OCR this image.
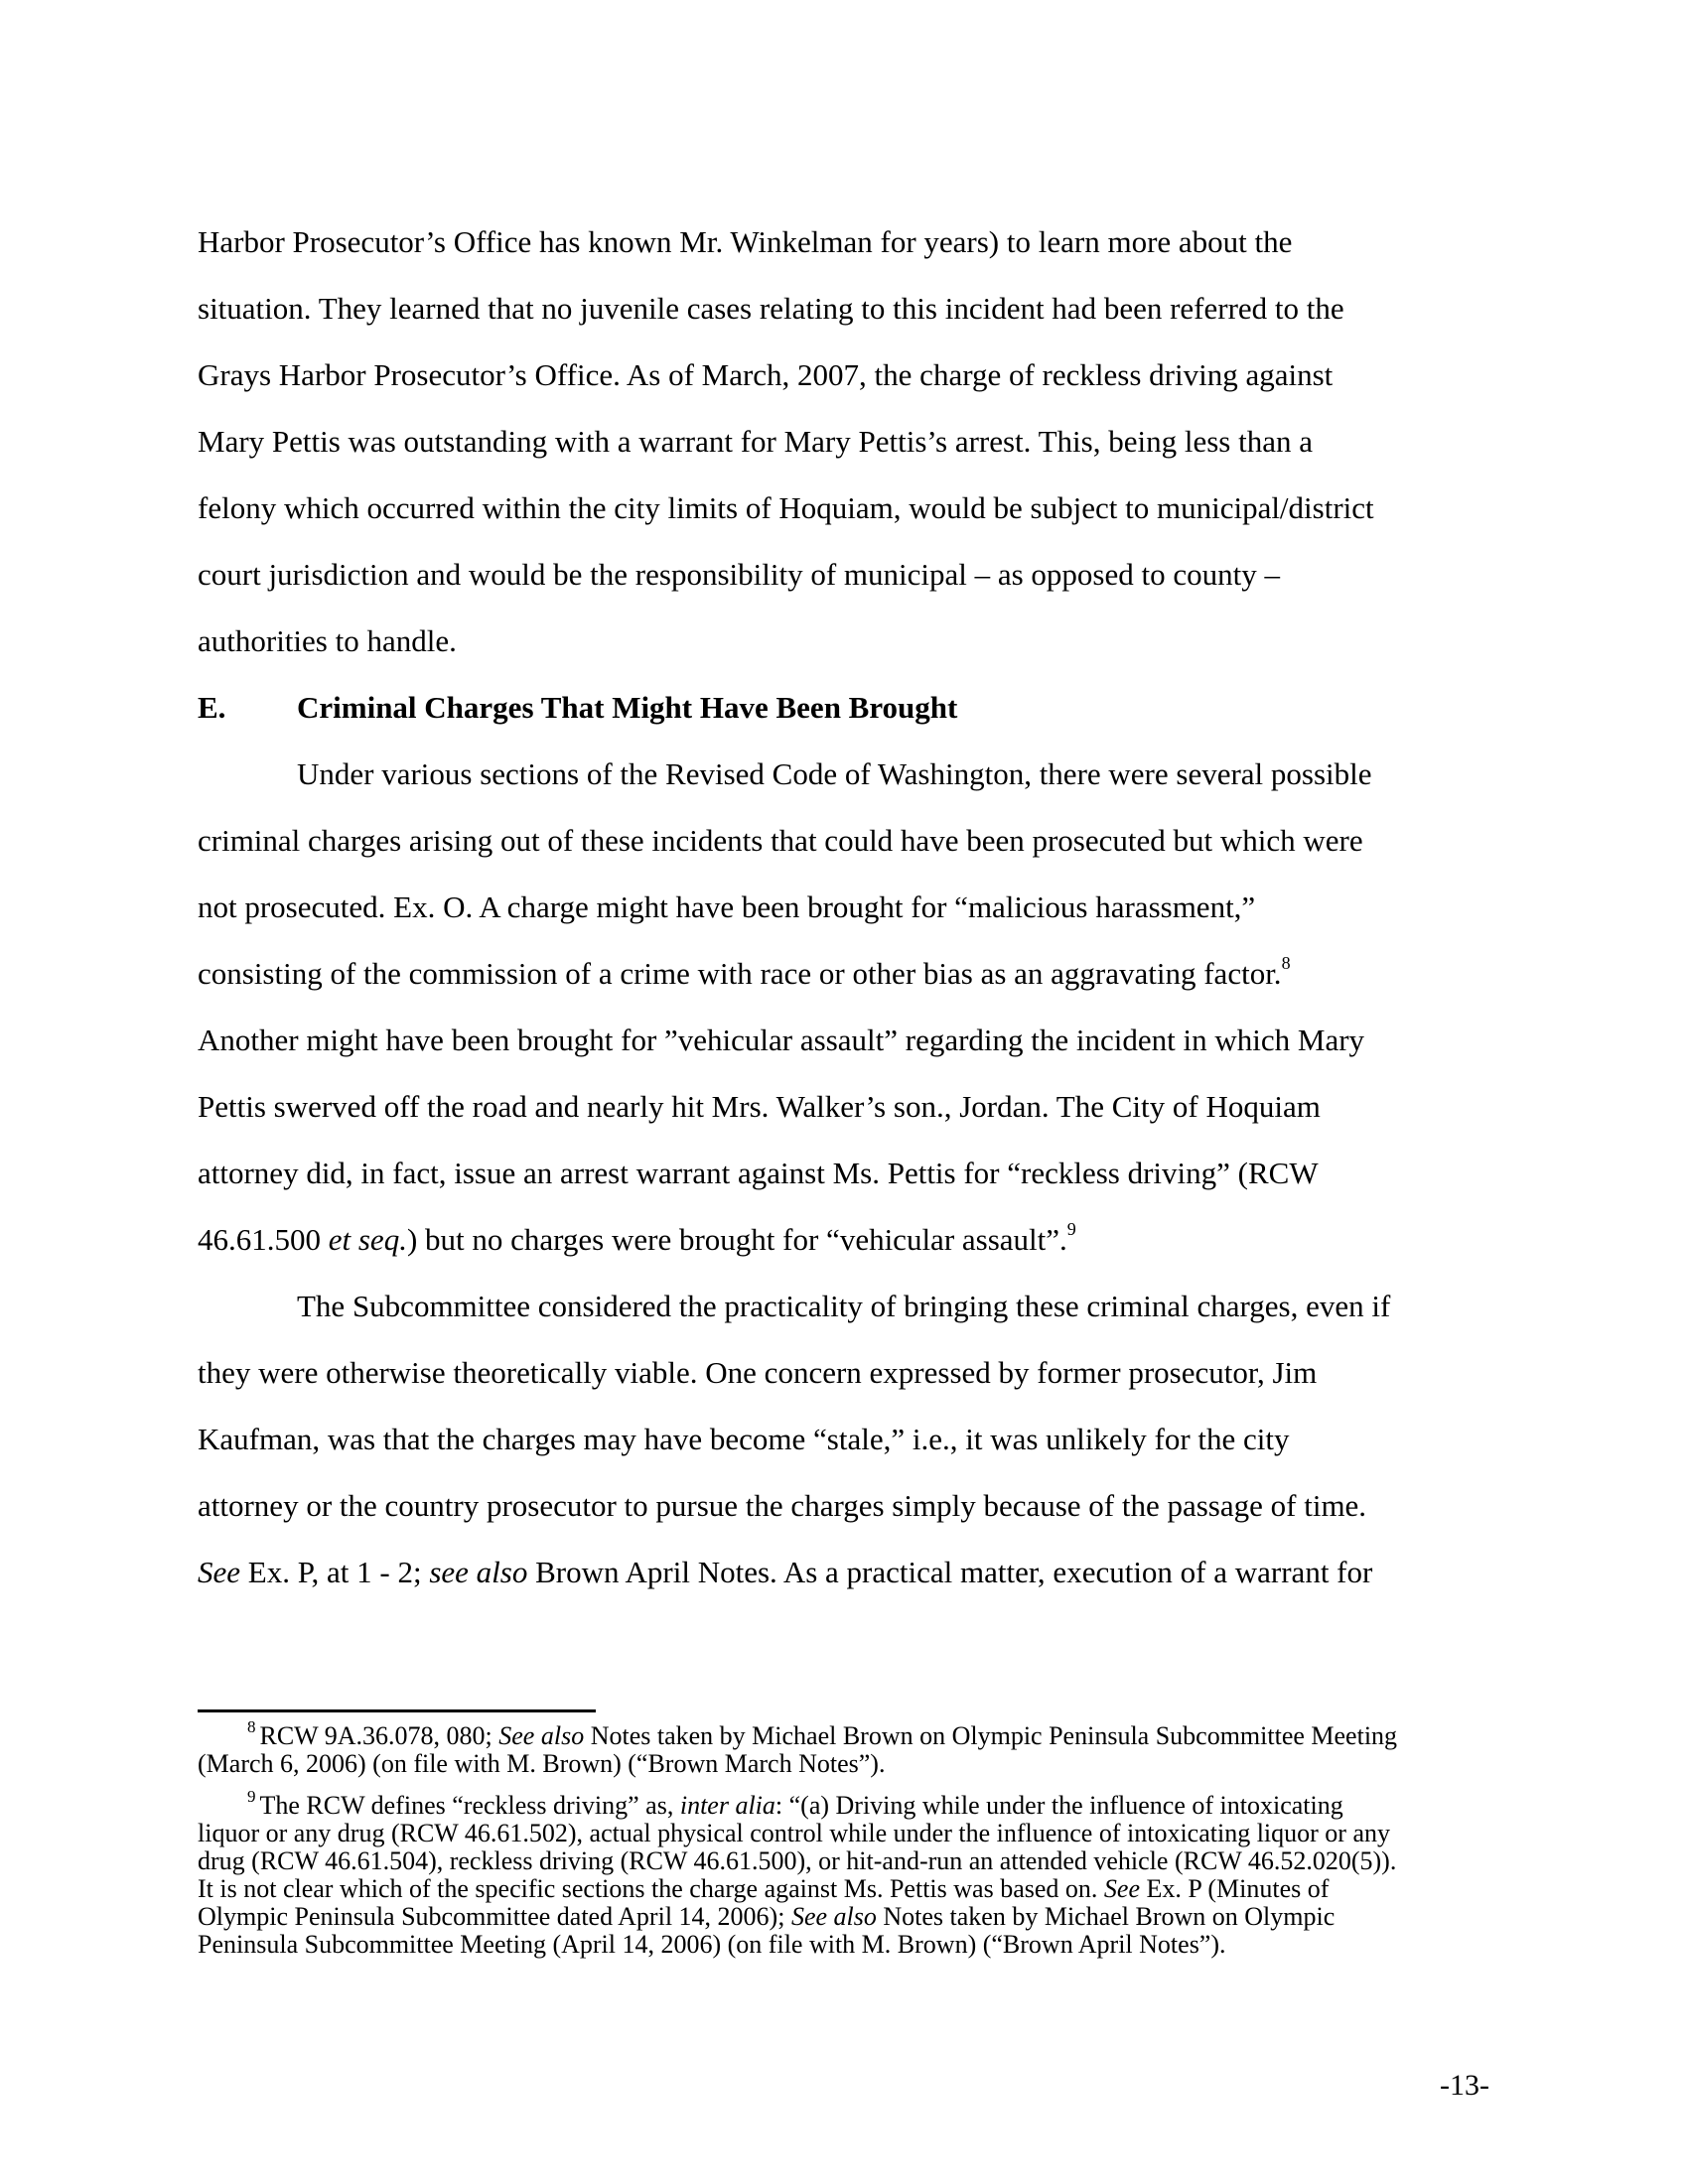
Harbor Prosecutor’s Office has known Mr. Winkelman for years) to learn more about the
situation. They learned that no juvenile cases relating to this incident had been referred to the
Grays Harbor Prosecutor’s Office. As of March, 2007, the charge of reckless driving against
Mary Pettis was outstanding with a warrant for Mary Pettis’s arrest. This, being less than a
felony which occurred within the city limits of Hoquiam, would be subject to municipal/district
court jurisdiction and would be the responsibility of municipal – as opposed to county –
authorities to handle.
E. Criminal Charges That Might Have Been Brought
Under various sections of the Revised Code of Washington, there were several possible
criminal charges arising out of these incidents that could have been prosecuted but which were
not prosecuted. Ex. O. A charge might have been brought for “malicious harassment,”
consisting of the commission of a crime with race or other bias as an aggravating factor.$^8$
Another might have been brought for ”vehicular assault” regarding the incident in which Mary
Pettis swerved off the road and nearly hit Mrs. Walker’s son., Jordan. The City of Hoquiam
attorney did, in fact, issue an arrest warrant against Ms. Pettis for “reckless driving” (RCW
46.61.500 et seq.) but no charges were brought for “vehicular assault”.$^9$
The Subcommittee considered the practicality of bringing these criminal charges, even if
they were otherwise theoretically viable. One concern expressed by former prosecutor, Jim
Kaufman, was that the charges may have become “stale,” i.e., it was unlikely for the city
attorney or the country prosecutor to pursue the charges simply because of the passage of time.
See Ex. P, at 1 - 2; see also Brown April Notes. As a practical matter, execution of a warrant for
$^8$ RCW 9A.36.078, 080; See also Notes taken by Michael Brown on Olympic Peninsula Subcommittee Meeting
(March 6, 2006) (on file with M. Brown) (“Brown March Notes”).
$^9$ The RCW defines “reckless driving” as, inter alia: “(a) Driving while under the influence of intoxicating
liquor or any drug (RCW 46.61.502), actual physical control while under the influence of intoxicating liquor or any
drug (RCW 46.61.504), reckless driving (RCW 46.61.500), or hit-and-run an attended vehicle (RCW 46.52.020(5)).
It is not clear which of the specific sections the charge against Ms. Pettis was based on. See Ex. P (Minutes of
Olympic Peninsula Subcommittee dated April 14, 2006); See also Notes taken by Michael Brown on Olympic
Peninsula Subcommittee Meeting (April 14, 2006) (on file with M. Brown) (“Brown April Notes”).
-13-
